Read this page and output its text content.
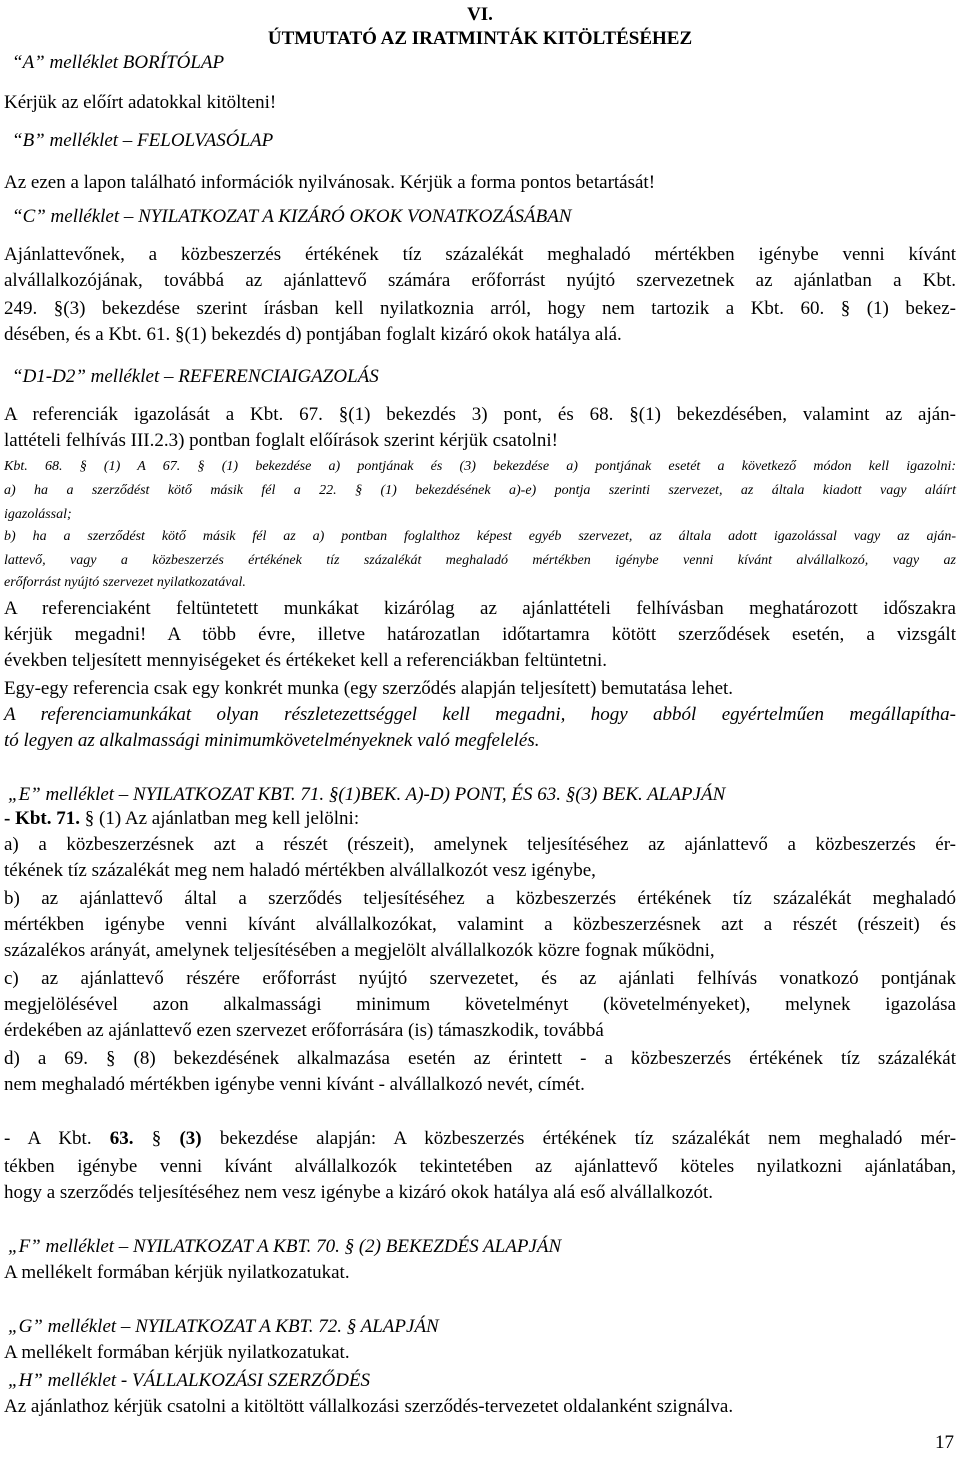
VI.
ÚTMUTATÓ AZ IRATMINTÁK KITÖLTÉSÉHEZ
“A” melléklet BORÍTÓLAP
Kérjük az előírt adatokkal kitölteni!
“B” melléklet – FELOLVASÓLAP
Az ezen a lapon található információk nyilvánosak. Kérjük a forma pontos betartását!
“C” melléklet – NYILATKOZAT A KIZÁRÓ OKOK VONATKOZÁSÁBAN
Ajánlattevőnek, a közbeszerzés értékének tíz százalékát meghaladó mértékben igénybe venni kívánt
alvállalkozójának, továbbá az ajánlattevő számára erőforrást nyújtó szervezetnek az ajánlatban a Kbt.
249. §(3) bekezdése szerint írásban kell nyilatkoznia arról, hogy nem tartozik a Kbt. 60. § (1) bekez-
désében, és a Kbt. 61. §(1) bekezdés d) pontjában foglalt kizáró okok hatálya alá.
“D1-D2” melléklet – REFERENCIAIGAZOLÁS
A referenciák igazolását a Kbt. 67. §(1) bekezdés 3) pont, és 68. §(1) bekezdésében, valamint az aján-
lattételi felhívás III.2.3) pontban foglalt előírások szerint kérjük csatolni!
Kbt. 68. § (1) A 67. § (1) bekezdése a) pontjának és (3) bekezdése a) pontjának esetét a következő módon kell igazolni:
a) ha a szerződést kötő másik fél a 22. § (1) bekezdésének a)-e) pontja szerinti szervezet, az általa kiadott vagy aláírt
igazolással;
b) ha a szerződést kötő másik fél az a) pontban foglalthoz képest egyéb szervezet, az általa adott igazolással vagy az aján-
lattevő, vagy a közbeszerzés értékének tíz százalékát meghaladó mértékben igénybe venni kívánt alvállalkozó, vagy az
erőforrást nyújtó szervezet nyilatkozatával.
A referenciaként feltüntetett munkákat kizárólag az ajánlattételi felhívásban meghatározott időszakra
kérjük megadni! A több évre, illetve határozatlan időtartamra kötött szerződések esetén, a vizsgált
években teljesített mennyiségeket és értékeket kell a referenciákban feltüntetni.
Egy-egy referencia csak egy konkrét munka (egy szerződés alapján teljesített) bemutatása lehet.
A referenciamunkákat olyan részletezettséggel kell megadni, hogy abból egyértelműen megállapítha-
tó legyen az alkalmassági minimumkövetelményeknek való megfelelés.
„E” melléklet – NYILATKOZAT KBT. 71. §(1)BEK. A)-D) PONT, ÉS 63. §(3) BEK. ALAPJÁN
- Kbt. 71. § (1) Az ajánlatban meg kell jelölni:
a) a közbeszerzésnek azt a részét (részeit), amelynek teljesítéséhez az ajánlattevő a közbeszerzés ér-
tékének tíz százalékát meg nem haladó mértékben alvállalkozót vesz igénybe,
b) az ajánlattevő által a szerződés teljesítéséhez a közbeszerzés értékének tíz százalékát meghaladó
mértékben igénybe venni kívánt alvállalkozókat, valamint a közbeszerzésnek azt a részét (részeit) és
százalékos arányát, amelynek teljesítésében a megjelölt alvállalkozók közre fognak működni,
c) az ajánlattevő részére erőforrást nyújtó szervezetet, és az ajánlati felhívás vonatkozó pontjának
megjelölésével azon alkalmassági minimum követelményt (követelményeket), melynek igazolása
érdekében az ajánlattevő ezen szervezet erőforrására (is) támaszkodik, továbbá
d) a 69. § (8) bekezdésének alkalmazása esetén az érintett - a közbeszerzés értékének tíz százalékát
nem meghaladó mértékben igénybe venni kívánt - alvállalkozó nevét, címét.
- A Kbt. 63. § (3) bekezdése alapján: A közbeszerzés értékének tíz százalékát nem meghaladó mér-
tékben igénybe venni kívánt alvállalkozók tekintetében az ajánlattevő köteles nyilatkozni ajánlatában,
hogy a szerződés teljesítéséhez nem vesz igénybe a kizáró okok hatálya alá eső alvállalkozót.
„F” melléklet – NYILATKOZAT A KBT. 70. § (2) BEKEZDÉS ALAPJÁN
A mellékelt formában kérjük nyilatkozatukat.
„G” melléklet – NYILATKOZAT A KBT. 72. § ALAPJÁN
A mellékelt formában kérjük nyilatkozatukat.
„H” melléklet - VÁLLALKOZÁSI SZERZŐDÉS
Az ajánlathoz kérjük csatolni a kitöltött vállalkozási szerződés-tervezetet oldalanként szignálva.
17
